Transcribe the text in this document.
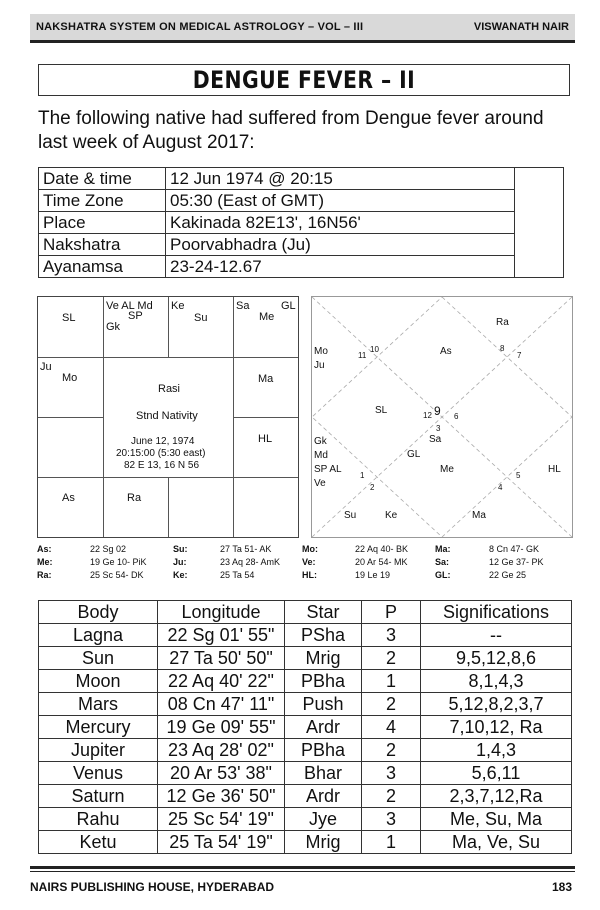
NAKSHATRA SYSTEM ON MEDICAL ASTROLOGY – VOL – III	VISWANATH NAIR
DENGUE FEVER – II
The following native had suffered from Dengue fever around last week of August 2017:
Date & time	12 Jun 1974 @ 20:15	
Time Zone	05:30 (East of GMT)	
Place	Kakinada 82E13', 16N56'	
Nakshatra	Poorvabhadra (Ju)	
Ayanamsa	23-24-12.67	
SL
Ve AL Md
SP
Gk
Ke
Su
Sa	GL
Me
Ju
Mo	Ma
HL
As	Ra
Rasi
Stnd Nativity
June 12, 1974
20:15:00 (5:30 east)
82 E 13, 16 N 56
Ra
Mo
Ju
11
10	As	8
7
SL	12 9 6
3
Sa
Gk
Md	GL
SP AL
1
Me
Ve	2	4
5
HL
Su	Ke	Ma
As:	22 Sg 02	Su:	27 Ta 51- AK	Mo:	22 Aq 40- BK	Ma:	8 Cn 47- GK
Me:	19 Ge 10- PiK	Ju:	23 Aq 28- AmK Ve:	20 Ar 54- MK	Sa:	12 Ge 37- PK
Ra:	25 Sc 54- DK	Ke:	25 Ta 54	HL:	19 Le 19	GL:	22 Ge 25
Body	Longitude	Star	P	Significations
Lagna	22 Sg 01' 55"	PSha	3	--
Sun	27 Ta 50' 50"	Mrig	2	9,5,12,8,6
Moon	22 Aq 40' 22"	PBha	1	8,1,4,3
Mars	08 Cn 47' 11"	Push	2	5,12,8,2,3,7
Mercury	19 Ge 09' 55"	Ardr	4	7,10,12, Ra
Jupiter	23 Aq 28' 02"	PBha	2	1,4,3
Venus	20 Ar 53' 38"	Bhar	3	5,6,11
Saturn	12 Ge 36' 50"	Ardr	2	2,3,7,12,Ra
Rahu	25 Sc 54' 19"	Jye	3	Me, Su, Ma
Ketu	25 Ta 54' 19"	Mrig	1	Ma, Ve, Su
NAIRS PUBLISHING HOUSE, HYDERABAD	183
